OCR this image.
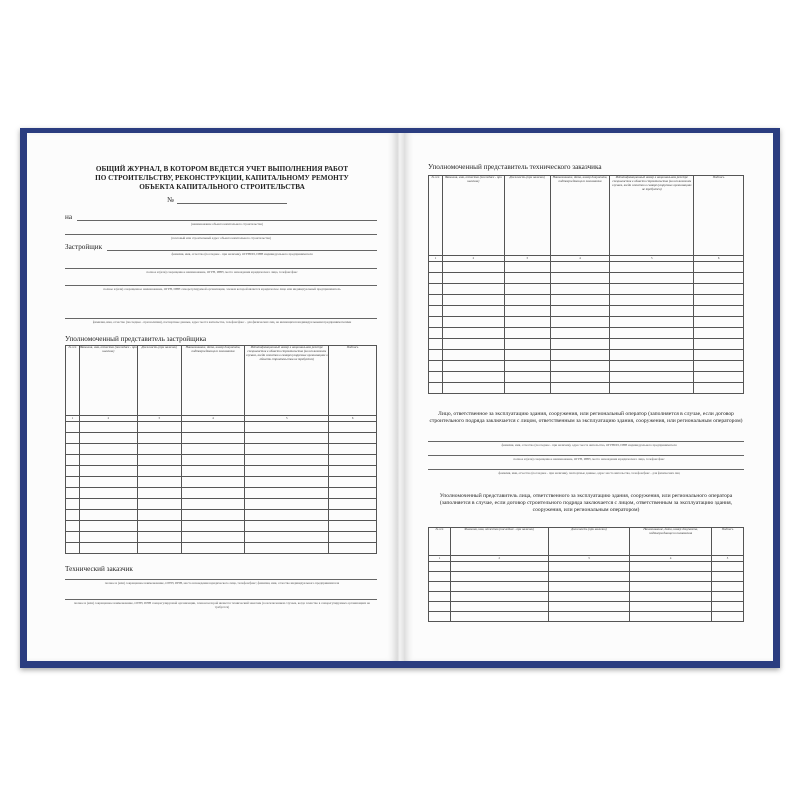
ОБЩИЙ ЖУРНАЛ, В КОТОРОМ ВЕДЕТСЯ УЧЕТ ВЫПОЛНЕНИЯ РАБОТ
ПО СТРОИТЕЛЬСТВУ, РЕКОНСТРУКЦИИ, КАПИТАЛЬНОМУ РЕМОНТУ
ОБЪЕКТА КАПИТАЛЬНОГО СТРОИТЕЛЬСТВА
№
на
(наименование объекта капитального строительства)
(почтовый или строительный адрес объекта капитального строительства)
Застройщик
фамилия, имя, отчество (последнее - при наличии), ОГРНИП, ИНН индивидуального предпринимателя
полное и (или) сокращенное наименование, ОГРН, ИНН, место нахождения юридического лица, телефон/факс
полное и (или) сокращенное наименование, ОГРН, ИНН саморегулируемой организации, членом которой является юридическое лицо или индивидуальный предприниматель
фамилия, имя, отчество (последнее - при наличии), паспортные данные, адрес места жительства, телефон/факс - для физических лиц, не являющихся индивидуальными предпринимателями
Уполномоченный представитель застройщика
№ п/п	Фамилия, имя, отчество (последнее - при наличии)	Должность (при наличии)	Наименование, дата, номер документа, подтверждающего полномочия	Идентификационный номер в национальном реестре специалистов в области строительства (за исключением случаев, когда членство в саморегулируемых организациях в области строительства не требуется)	Подпись
1	2	3	4	5	6

Технический заказчик
полное и (или) сокращенное наименование, ОГРН, ИНН, место нахождения юридического лица, телефон/факс; фамилия, имя, отчество индивидуального предпринимателя
полное и (или) сокращенное наименование, ОГРН, ИНН саморегулируемой организации, членом которой является технический заказчик (за исключением случаев, когда членство в саморегулируемых организациях не требуется)
Уполномоченный представитель технического заказчика
№ п/п	Фамилия, имя, отчество (последнее - при наличии)	Должность (при наличии)	Наименование, дата, номер документа, подтверждающего полномочия	Идентификационный номер в национальном реестре специалистов в области строительства (за исключением случаев, когда членство в саморегулируемых организациях не требуется)	Подпись
1	2	3	4	5	6

Лицо, ответственное за эксплуатацию здания, сооружения, или региональный оператор (заполняется в случае, если договор строительного подряда заключается с лицом, ответственным за эксплуатацию здания, сооружения, или региональным оператором)
фамилия, имя, отчество (последнее - при наличии), адрес места жительства, ОГРНИП, ИНН индивидуального предпринимателя
полное и (или) сокращенное наименование, ОГРН, ИНН, место нахождения юридического лица, телефон/факс
фамилия, имя, отчество (последнее - при наличии), паспортные данные, адрес места жительства, телефон/факс - для физических лиц
Уполномоченный представитель лица, ответственного за эксплуатацию здания, сооружения, или регионального оператора (заполняется в случае, если договор строительного подряда заключается с лицом, ответственным за эксплуатацию здания, сооружения, или региональным оператором)
№ п/п	Фамилия, имя, отчество (последнее - при наличии)	Должность (при наличии)	Наименование, дата, номер документа, подтверждающего полномочия	Подпись
1	2	3	4	5
